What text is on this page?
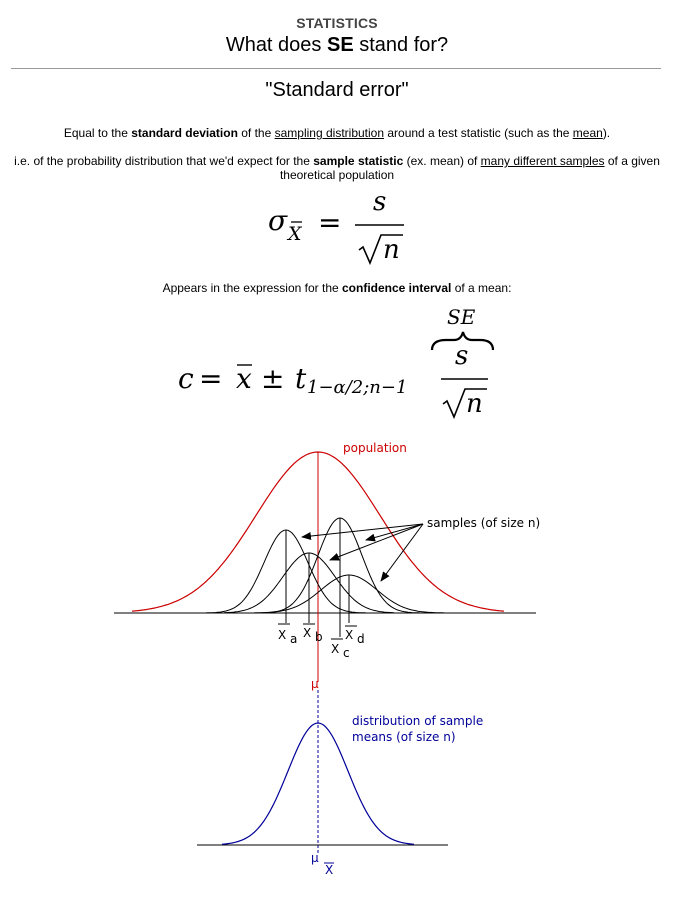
STATISTICS
What does SE stand for?
"Standard error"
Equal to the standard deviation of the sampling distribution around a test statistic (such as the mean).
i.e. of the probability distribution that we'd expect for the sample statistic (ex. mean) of many different samples of a given theoretical population
σ X =
s
n
Appears in the expression for the confidence interval of a mean:
c = x ± t 1−α/2;n−1
SE
s
n
population
samples (of size n)
X a X b
X c
X d
μ
distribution of sample
means (of size n)
μ
X
